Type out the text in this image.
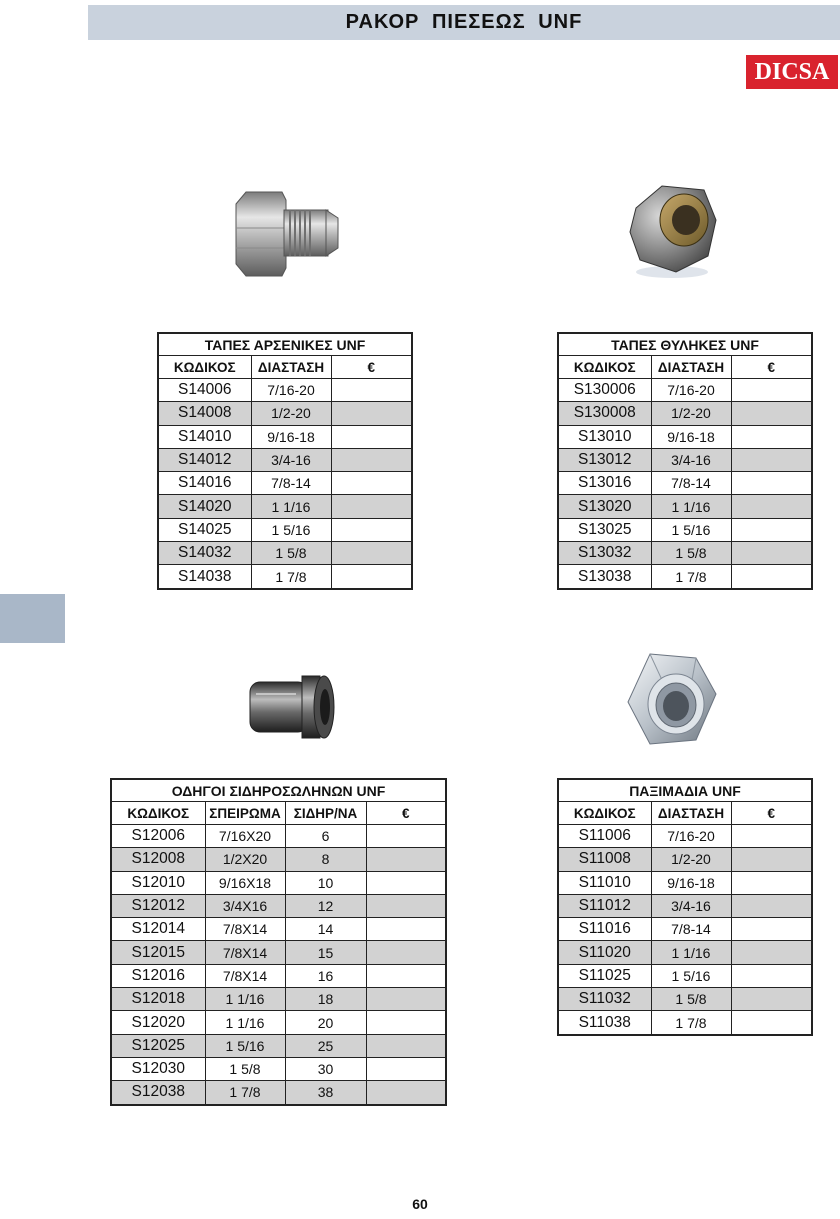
ΡΑΚΟΡ ΠΙΕΣΕΩΣ UNF
DICSA
ΤΑΠΕΣ ΑΡΣΕΝΙΚΕΣ UNF		
ΚΩΔΙΚΟΣ	ΔΙΑΣΤΑΣΗ	€
S14006	7/16-20	
S14008	1/2-20	
S14010	9/16-18	
S14012	3/4-16	
S14016	7/8-14	
S14020	1 1/16	
S14025	1 5/16	
S14032	1 5/8	
S14038	1 7/8	
ΤΑΠΕΣ ΘΥΛΗΚΕΣ UNF		
ΚΩΔΙΚΟΣ	ΔΙΑΣΤΑΣΗ	€
S130006	7/16-20	
S130008	1/2-20	
S13010	9/16-18	
S13012	3/4-16	
S13016	7/8-14	
S13020	1 1/16	
S13025	1 5/16	
S13032	1 5/8	
S13038	1 7/8	
ΟΔΗΓΟΙ ΣΙΔΗΡΟΣΩΛΗΝΩΝ UNF			
ΚΩΔΙΚΟΣ	ΣΠΕΙΡΩΜΑ	ΣΙΔΗΡ/ΝΑ	€
S12006	7/16X20	6	
S12008	1/2X20	8	
S12010	9/16X18	10	
S12012	3/4X16	12	
S12014	7/8X14	14	
S12015	7/8X14	15	
S12016	7/8X14	16	
S12018	1 1/16	18	
S12020	1 1/16	20	
S12025	1 5/16	25	
S12030	1 5/8	30	
S12038	1 7/8	38	
ΠΑΞΙΜΑΔΙΑ UNF		
ΚΩΔΙΚΟΣ	ΔΙΑΣΤΑΣΗ	€
S11006	7/16-20	
S11008	1/2-20	
S11010	9/16-18	
S11012	3/4-16	
S11016	7/8-14	
S11020	1 1/16	
S11025	1 5/16	
S11032	1 5/8	
S11038	1 7/8	
60
